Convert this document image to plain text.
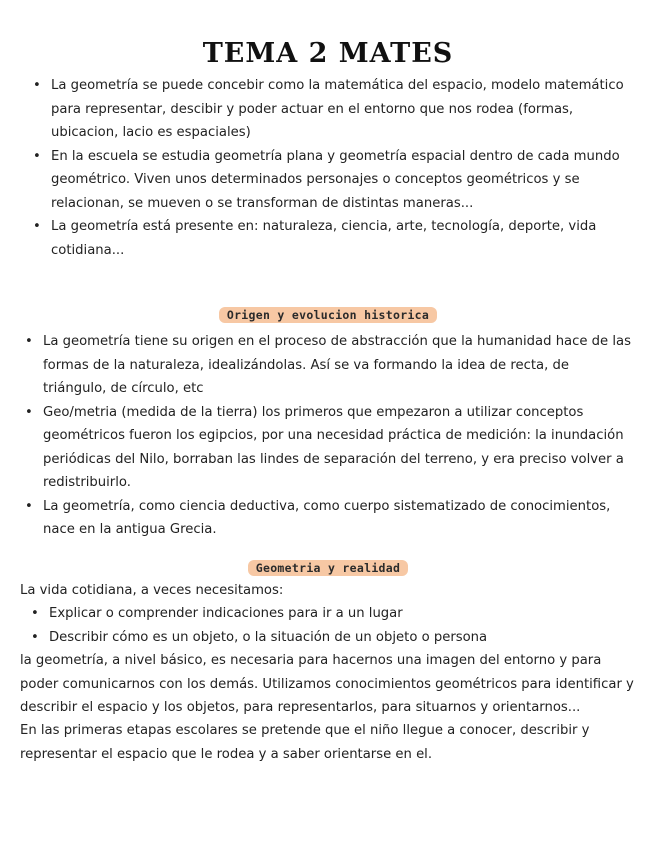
TEMA 2 MATES
• La geometría se puede concebir como la matemática del espacio, modelo matemático para representar, descibir y poder actuar en el entorno que nos rodea (formas, ubicacion, lacio es espaciales)
• En la escuela se estudia geometría plana y geometría espacial dentro de cada mundo geométrico. Viven unos determinados personajes o conceptos geométricos y se relacionan, se mueven o se transforman de distintas maneras...
• La geometría está presente en: naturaleza, ciencia, arte, tecnología, deporte, vida cotidiana...
Origen y evolucion historica
• La geometría tiene su origen en el proceso de abstracción que la humanidad hace de las formas de la naturaleza, idealizándolas. Así se va formando la idea de recta, de triángulo, de círculo, etc
• Geo/metria (medida de la tierra) los primeros que empezaron a utilizar conceptos geométricos fueron los egipcios, por una necesidad práctica de medición: la inundación periódicas del Nilo, borraban las lindes de separación del terreno, y era preciso volver a redistribuirlo.
• La geometría, como ciencia deductiva, como cuerpo sistematizado de conocimientos, nace en la antigua Grecia.
Geometria y realidad

La vida cotidiana, a veces necesitamos:

• Explicar o comprender indicaciones para ir a un lugar
• Describir cómo es un objeto, o la situación de un objeto o persona

la geometría, a nivel básico, es necesaria para hacernos una imagen del entorno y para poder comunicarnos con los demás. Utilizamos conocimientos geométricos para identificar y describir el espacio y los objetos, para representarlos, para situarnos y orientarnos...

En las primeras etapas escolares se pretende que el niño llegue a conocer, describir y representar el espacio que le rodea y a saber orientarse en el.
